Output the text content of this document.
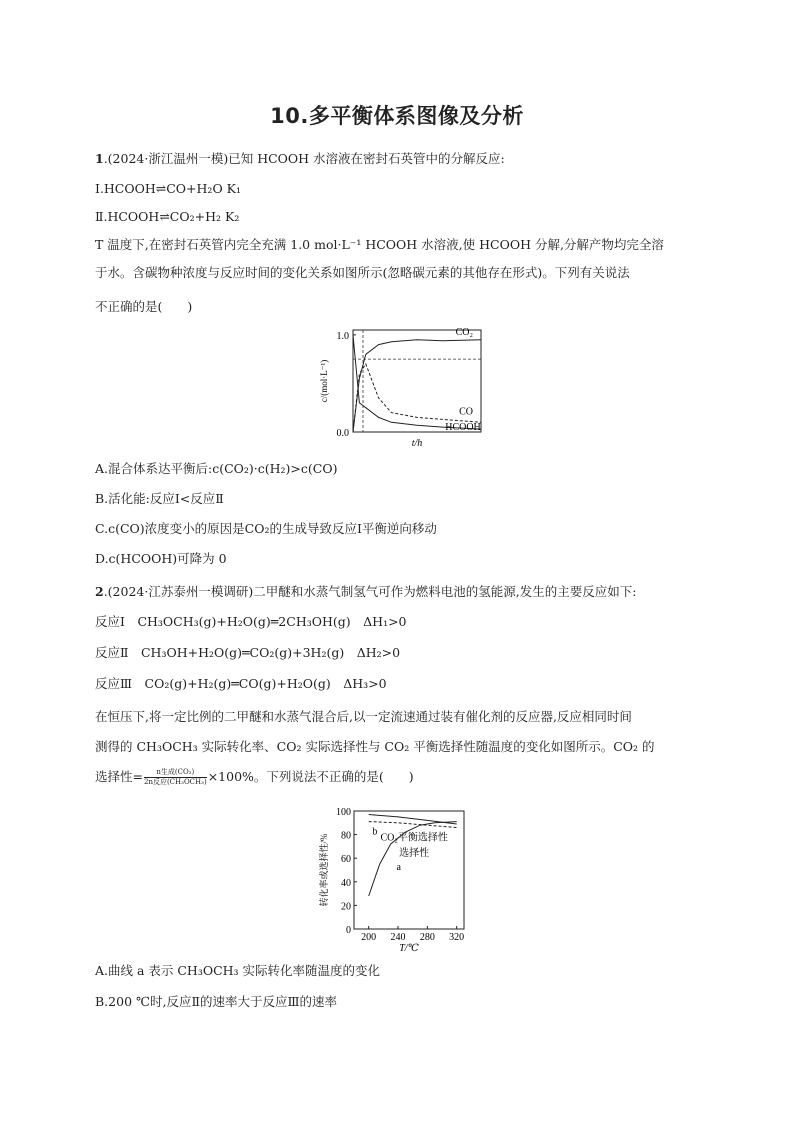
10.多平衡体系图像及分析
1.(2024·浙江温州一模)已知 HCOOH 水溶液在密封石英管中的分解反应:
Ⅰ.HCOOH⇌CO+H₂O K₁
Ⅱ.HCOOH⇌CO₂+H₂ K₂
T 温度下,在密封石英管内完全充满 1.0 mol·L⁻¹ HCOOH 水溶液,使 HCOOH 分解,分解产物均完全溶
于水。含碳物种浓度与反应时间的变化关系如图所示(忽略碳元素的其他存在形式)。下列有关说法
不正确的是(　　)
0.0
1.0
t/h
c/(mol·L⁻¹)
CO₂
CO
HCOOH
A.混合体系达平衡后:c(CO₂)·c(H₂)>c(CO)
B.活化能:反应Ⅰ<反应Ⅱ
C.c(CO)浓度变小的原因是CO₂的生成导致反应Ⅰ平衡逆向移动
D.c(HCOOH)可降为 0
2.(2024·江苏泰州一模调研)二甲醚和水蒸气制氢气可作为燃料电池的氢能源,发生的主要反应如下:
反应Ⅰ　CH₃OCH₃(g)+H₂O(g)═2CH₃OH(g)　ΔH₁>0
反应Ⅱ　CH₃OH+H₂O(g)═CO₂(g)+3H₂(g)　ΔH₂>0
反应Ⅲ　CO₂(g)+H₂(g)═CO(g)+H₂O(g)　ΔH₃>0
在恒压下,将一定比例的二甲醚和水蒸气混合后,以一定流速通过装有催化剂的反应器,反应相同时间
测得的 CH₃OCH₃ 实际转化率、CO₂ 实际选择性与 CO₂ 平衡选择性随温度的变化如图所示。CO₂ 的
选择性= $\frac{\text{n生成(CO₂)}}{\text{2n反应(CH₃OCH₃)}} \times 100\%$。下列说法不正确的是(　　)
0
20
40
60
80
100
200 240 280 320
T/℃
转化率或选择性/%	a
b
CO₂平衡选择性
选择性
A.曲线 a 表示 CH₃OCH₃ 实际转化率随温度的变化
B.200 ℃时,反应Ⅱ的速率大于反应Ⅲ的速率
